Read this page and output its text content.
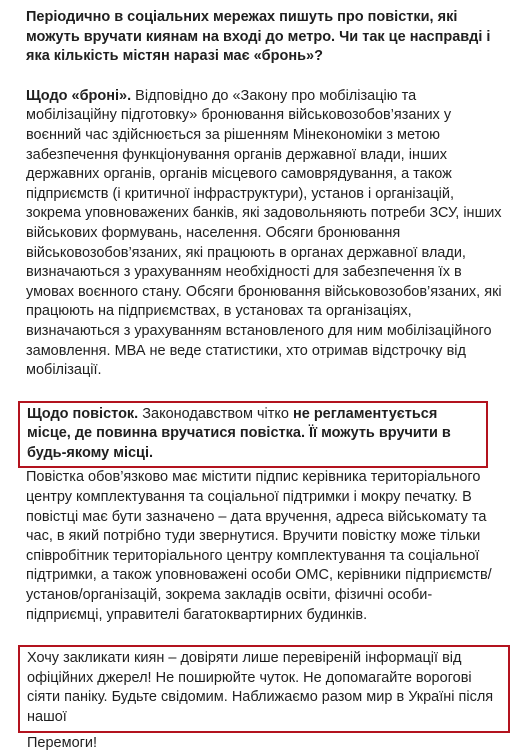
Періодично в соціальних мережах пишуть про повістки, які можуть вручати киянам на вході до метро. Чи так це насправді і яка кількість містян наразі має «бронь»?

Щодо «броні». Відповідно до «Закону про мобілізацію та мобілізаційну підготовку» бронювання військовозобов’язаних у воєнний час здійснюється за рішенням Мінекономіки з метою забезпечення функціонування органів державної влади, інших державних органів, органів місцевого самоврядування, а також підприємств (і критичної інфраструктури), установ і організацій, зокрема уповноважених банків, які задовольняють потреби ЗСУ, інших військових формувань, населення. Обсяги бронювання військовозобов’язаних, які працюють в органах державної влади, визначаються з урахуванням необхідності для забезпечення їх в умовах воєнного стану. Обсяги бронювання військовозобов’язаних, які працюють на підприємствах, в установах та організаціях, визначаються з урахуванням встановленого для ним мобілізаційного замовлення. МВА не веде статистики, хто отримав відстрочку від мобілізації.

Щодо повісток. Законодавством чітко не регламентується місце, де повинна вручатися повістка. Її можуть вручити в будь-якому місці.

Повістка обов’язково має містити підпис керівника територіального центру комплектування та соціальної підтримки і мокру печатку. В повістці має бути зазначено – дата вручення, адреса військомату та час, в який потрібно туди звернутися. Вручити повістку може тільки співробітник територіального центру комплектування та соціальної підтримки, а також уповноважені особи ОМС, керівники підприємств/установ/організацій, зокрема закладів освіти, фізичні особи-підприємці, управителі багатоквартирних будинків.

Хочу закликати киян – довіряти лише перевіреній інформації від офіційних джерел! Не поширюйте чуток. Не допомагайте ворогові сіяти паніку. Будьте свідомим. Наближаємо разом мир в Україні після нашої
Перемоги!
